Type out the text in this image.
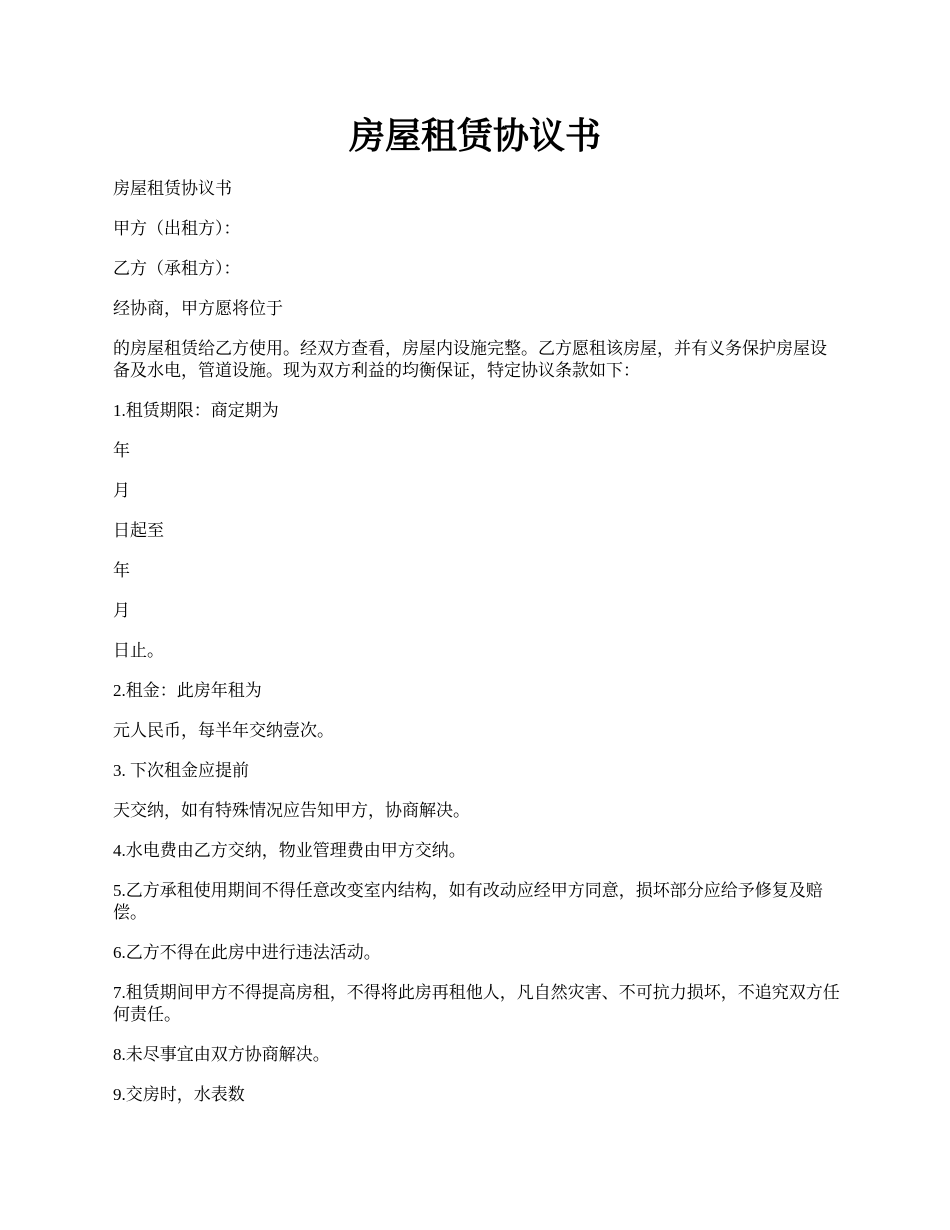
房屋租赁协议书

房屋租赁协议书

甲方（出租方）：

乙方（承租方）：

经协商，甲方愿将位于

的房屋租赁给乙方使用。经双方查看，房屋内设施完整。乙方愿租该房屋，并有义务保护房屋设备及水电，管道设施。现为双方利益的均衡保证，特定协议条款如下：

1.租赁期限：商定期为

年

月

日起至

年

月

日止。

2.租金：此房年租为

元人民币，每半年交纳壹次。

3. 下次租金应提前

天交纳，如有特殊情况应告知甲方，协商解决。

4.水电费由乙方交纳，物业管理费由甲方交纳。

5.乙方承租使用期间不得任意改变室内结构，如有改动应经甲方同意，损坏部分应给予修复及赔偿。

6.乙方不得在此房中进行违法活动。

7.租赁期间甲方不得提高房租，不得将此房再租他人，凡自然灾害、不可抗力损坏，不追究双方任何责任。

8.未尽事宜由双方协商解决。

9.交房时，水表数
